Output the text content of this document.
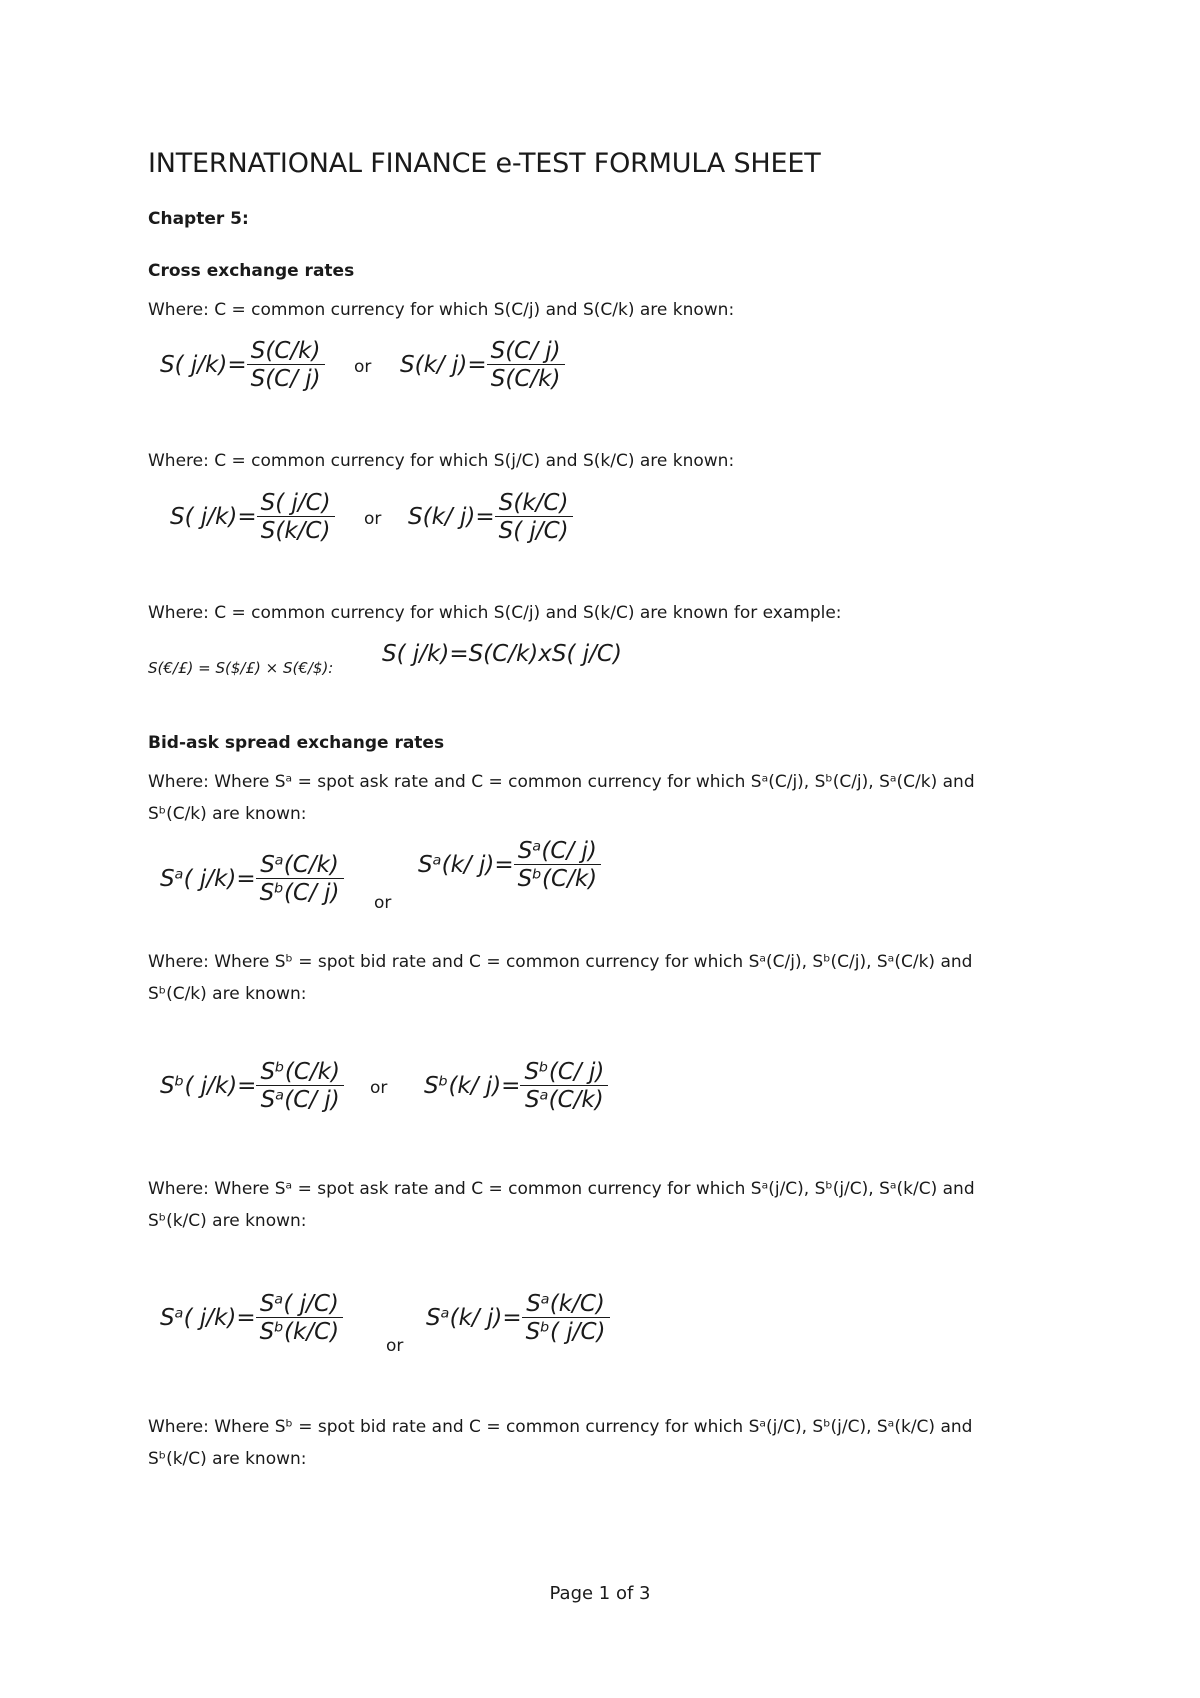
INTERNATIONAL FINANCE e-TEST FORMULA SHEET
Chapter 5:
Cross exchange rates
Where: C = common currency for which S(C/j) and S(C/k) are known:
S( $j/k)= \frac{S(C/k)}{S(C/ j)}$ or S(k/ $j)= \frac{S(C/ j)}{S(C/k)}$
Where: C = common currency for which S(j/C) and S(k/C) are known:
S( $j/k)= \frac{S( j/C)}{S(k/C)}$ or S(k/ $j)= \frac{S(k/C)}{S( j/C)}$
Where: C = common currency for which S(C/j) and S(k/C) are known for example:
S(€/£) = S($/£) × S(€/$):
S( j/k)=S(C/k)xS( j/C)
Bid-ask spread exchange rates
Where: Where Sᵃ = spot ask rate and C = common currency for which Sᵃ(C/j), Sᵇ(C/j), Sᵃ(C/k) and Sᵇ(C/k) are known:
Sᵃ( $j/k)= \frac{\text{Sᵃ(C/k)}}{\text{Sᵇ(C/ j)}}$ or
Sᵃ(k/ $j)= \frac{\text{Sᵃ(C/ j)}}{\text{Sᵇ(C/k)}}$
Where: Where Sᵇ = spot bid rate and C = common currency for which Sᵃ(C/j), Sᵇ(C/j), Sᵃ(C/k) and Sᵇ(C/k) are known:
Sᵇ( $j/k)= \frac{\text{Sᵇ(C/k)}}{\text{Sᵃ(C/ j)}}$ or Sᵇ(k/ $j)= \frac{\text{Sᵇ(C/ j)}}{\text{Sᵃ(C/k)}}$
Where: Where Sᵃ = spot ask rate and C = common currency for which Sᵃ(j/C), Sᵇ(j/C), Sᵃ(k/C) and Sᵇ(k/C) are known:
Sᵃ( $j/k)= \frac{\text{Sᵃ( j/C)}}{\text{Sᵇ(k/C)}}$	or
Sᵃ(k/ $j)= \frac{\text{Sᵃ(k/C)}}{\text{Sᵇ( j/C)}}$
Where: Where Sᵇ = spot bid rate and C = common currency for which Sᵃ(j/C), Sᵇ(j/C), Sᵃ(k/C) and Sᵇ(k/C) are known:
Page 1 of 3
